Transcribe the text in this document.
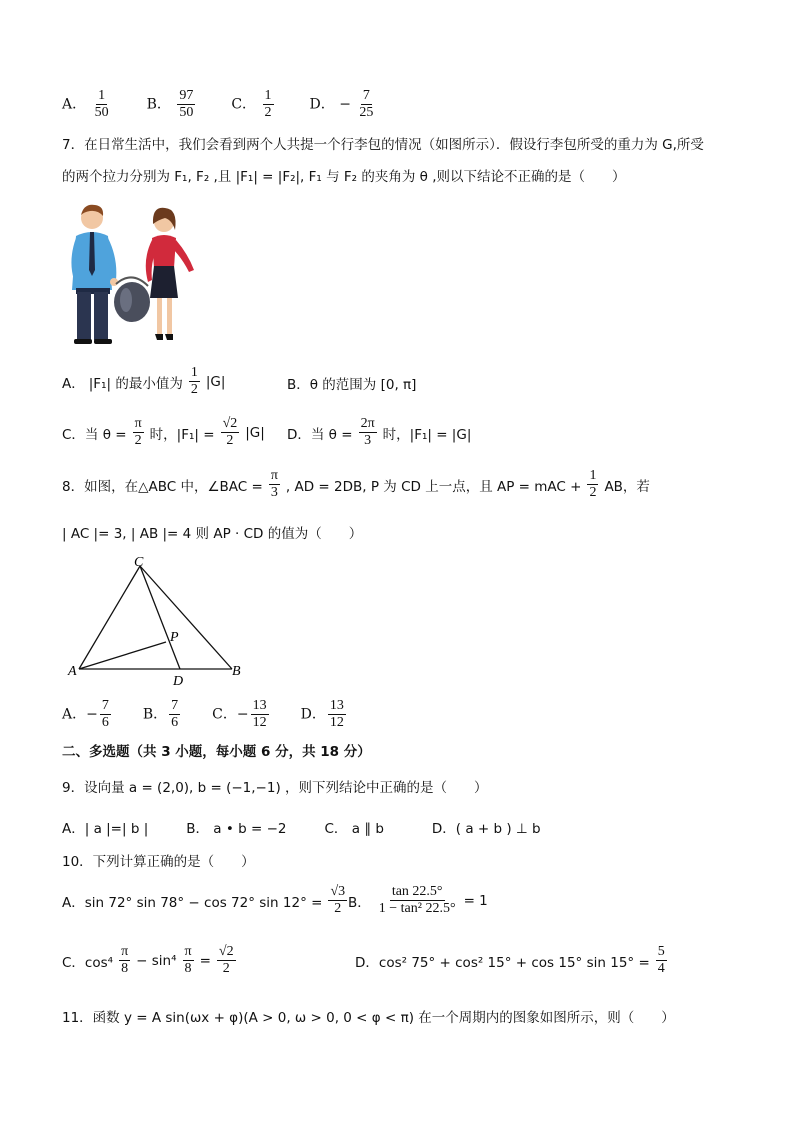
A． $\frac{1}{50}$	B． $\frac{97}{50}$	C． $\frac{1}{2}$	D． − $\frac{7}{25}$
7．在日常生活中，我们会看到两个人共提一个行李包的情况（如图所示）．假设行李包所受的重力为 G,所受
的两个拉力分别为 F₁, F₂ ,且 |F₁| = |F₂|, F₁ 与 F₂ 的夹角为 θ ,则以下结论不正确的是（　　）
A． |F₁| 的最小值为 $\frac{1}{2} |G|$	B．θ 的范围为 [0, π]
C．当 $\theta = \frac{\pi}{2}$ 时，$|F_1| = \frac{√2}{2} |G|$ D．当 $\theta = \frac{2\pi}{3}$ 时，|F₁| = |G|
8．如图，在△ABC 中，∠BAC = $\frac{\pi}{3}$ , AD = 2DB, P 为 CD 上一点，且 AP = mAC + $\frac{1}{2}$ AB，若
| AC |= 3, | AB |= 4 则 AP · CD 的值为（　　）
C
P
A
D
B
A．− $\frac{7}{6}$ B． $\frac{7}{6}$ C．− $\frac{13}{12}$ D． $\frac{13}{12}$
二、多选题（共 3 小题，每小题 6 分，共 18 分）
9．设向量 a = (2,0), b = (−1,−1) ，则下列结论中正确的是（　　）
A．| a |=| b |	B． a • b = −2	C． a ∥ b	D．( a + b ) ⊥ b
10．下列计算正确的是（　　）
A．sin 72° sin 78° − cos 72° $\sin 12^\circ = \frac{√3}{2}$ B． $\frac{\tan 22.5^\circ}{\text{1 − tan² 22.5°}} = 1$
C．$\cos^4 \frac{\pi}{8} - \sin^4 \frac{\pi}{8} = \frac{√2}{2}$	D．cos² 75° + cos² 15° + cos 15° $\sin 15^\circ = \frac{5}{4}$
11．函数 y = A sin(ωx + φ)(A > 0, ω > 0, 0 < φ < π) 在一个周期内的图象如图所示，则（　　）
